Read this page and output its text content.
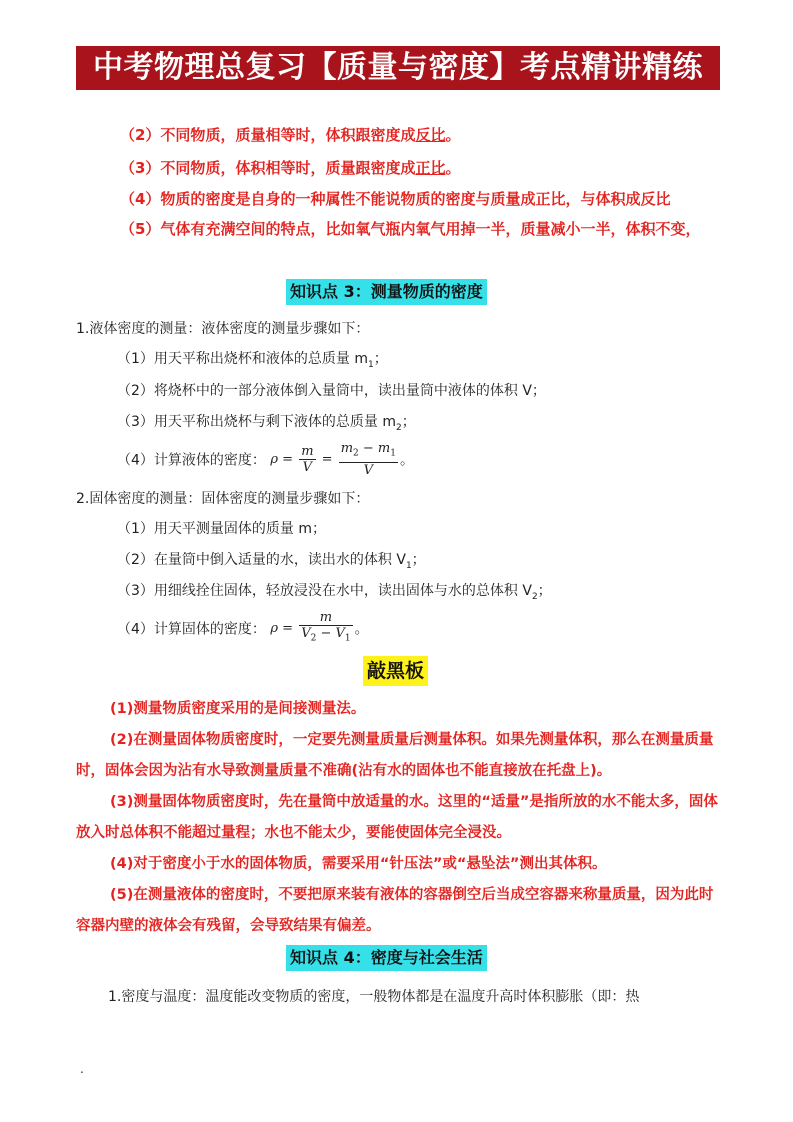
中考物理总复习【质量与密度】考点精讲精练
（2）不同物质，质量相等时，体积跟密度成反比。
（3）不同物质，体积相等时，质量跟密度成正比。
（4）物质的密度是自身的一种属性不能说物质的密度与质量成正比，与体积成反比
（5）气体有充满空间的特点，比如氧气瓶内氧气用掉一半，质量减小一半，体积不变，
知识点 3：测量物质的密度
1.液体密度的测量：液体密度的测量步骤如下：
（1）用天平称出烧杯和液体的总质量 $m_1$；
（2）将烧杯中的一部分液体倒入量筒中，读出量筒中液体的体积 V；
（3）用天平称出烧杯与剩下液体的总质量 $m_2$；
（4）计算液体的密度： $\rho = \frac{m}{V} = \frac{m_2 - m_1}{V}$ 。
2.固体密度的测量：固体密度的测量步骤如下：
（1）用天平测量固体的质量 m；
（2）在量筒中倒入适量的水，读出水的体积 $V_1$；
（3）用细线拴住固体，轻放浸没在水中，读出固体与水的总体积 $V_2$；
（4）计算固体的密度： $\rho = \frac{m}{V_2 - V_1}$ 。
敲黑板
(1)测量物质密度采用的是间接测量法。
(2)在测量固体物质密度时，一定要先测量质量后测量体积。如果先测量体积，那么在测量质量时，固体会因为沾有水导致测量质量不准确(沾有水的固体也不能直接放在托盘上)。
(3)测量固体物质密度时，先在量筒中放适量的水。这里的“适量”是指所放的水不能太多，固体放入时总体积不能超过量程；水也不能太少，要能使固体完全浸没。
(4)对于密度小于水的固体物质，需要采用“针压法”或“悬坠法”测出其体积。
(5)在测量液体的密度时，不要把原来装有液体的容器倒空后当成空容器来称量质量，因为此时容器内壁的液体会有残留，会导致结果有偏差。
知识点 4：密度与社会生活
1.密度与温度：温度能改变物质的密度，一般物体都是在温度升高时体积膨胀（即：热
.
